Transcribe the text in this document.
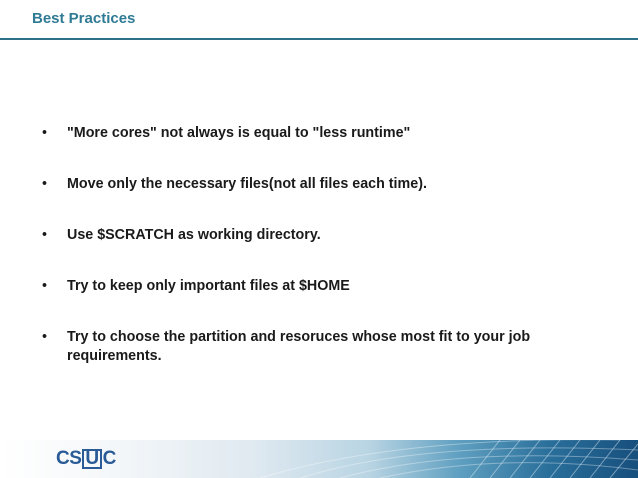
Best Practices
• "More cores" not always is equal to "less runtime"
• Move only the necessary files(not all files each time).
• Use $SCRATCH as working directory.
• Try to keep only important files at $HOME
• Try to choose the partition and resoruces whose most fit to your job requirements.
CS U C
